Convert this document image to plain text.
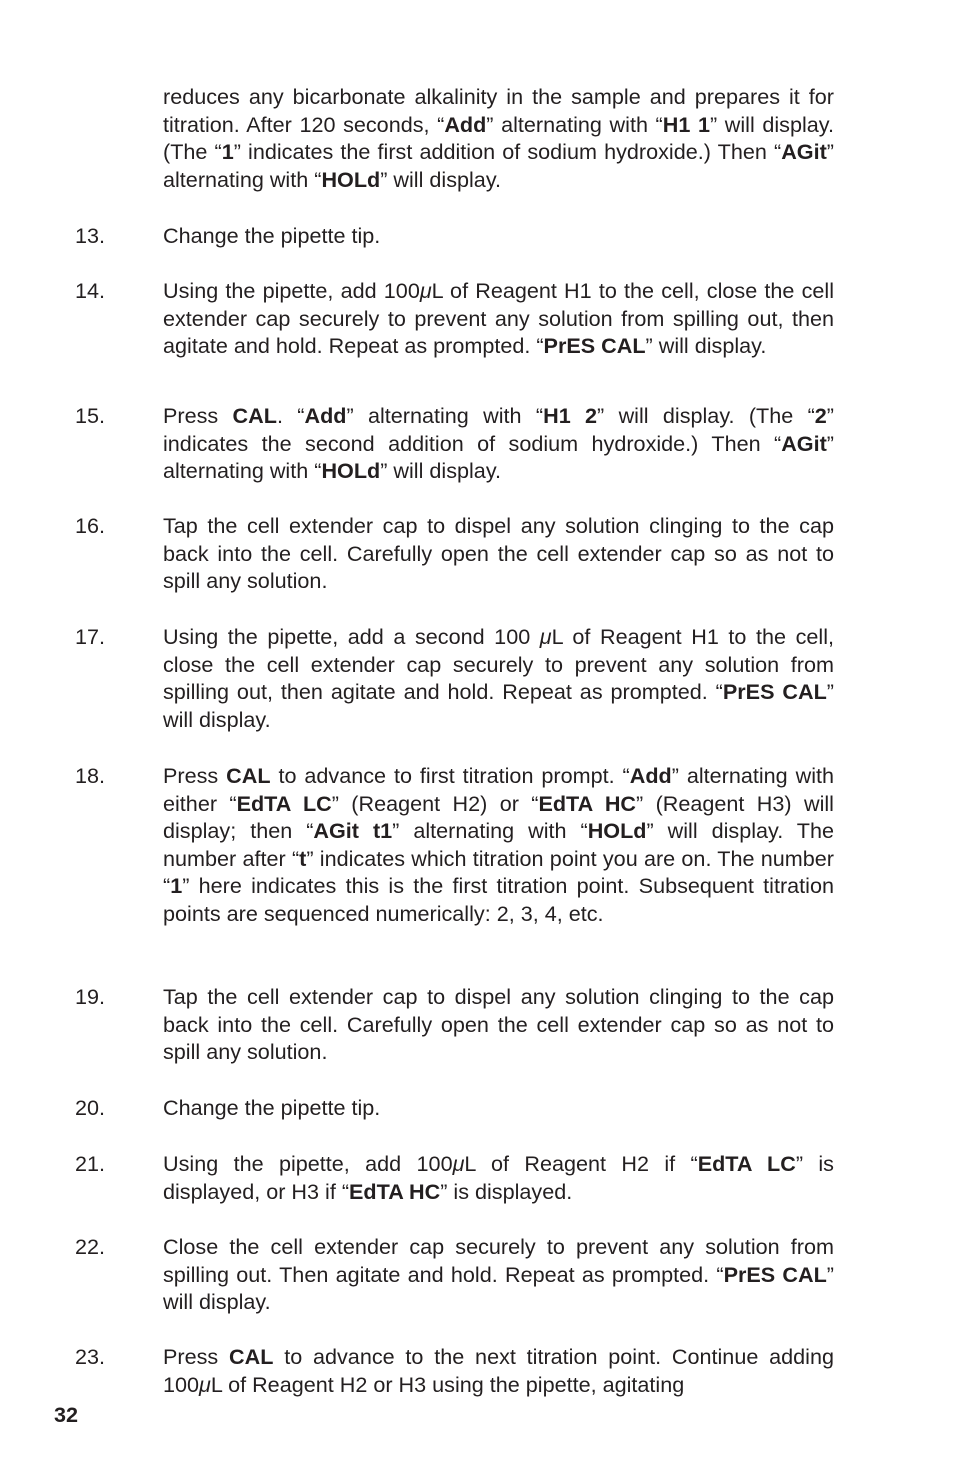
reduces any bicarbonate alkalinity in the sample and prepares it for titration. After 120 seconds, “Add” alternating with “H1 1” will display. (The “1” indicates the first addition of sodium hydroxide.) Then “AGit” alternating with “HOLd” will display.
13.	Change the pipette tip.
14.	Using the pipette, add 100μL of Reagent H1 to the cell, close the cell extender cap securely to prevent any solution from spilling out, then agitate and hold. Repeat as prompted. “PrES CAL” will display.
15.	Press CAL. “Add” alternating with “H1 2” will display. (The “2” indicates the second addition of sodium hydroxide.) Then “AGit” alternating with “HOLd” will display.
16.	Tap the cell extender cap to dispel any solution clinging to the cap back into the cell. Carefully open the cell extender cap so as not to spill any solution.
17.	Using the pipette, add a second 100 μL of Reagent H1 to the cell, close the cell extender cap securely to prevent any solution from spilling out, then agitate and hold. Repeat as prompted. “PrES CAL” will display.
18.	Press CAL to advance to first titration prompt. “Add” alternating with either “EdTA LC” (Reagent H2) or “EdTA HC” (Reagent H3) will display; then “AGit t1” alternating with “HOLd” will display. The number after “t” indicates which titration point you are on. The number “1” here indicates this is the first titration point. Subsequent titration points are sequenced numerically: 2, 3, 4, etc.
19.	Tap the cell extender cap to dispel any solution clinging to the cap back into the cell. Carefully open the cell extender cap so as not to spill any solution.
20.	Change the pipette tip.
21.	Using the pipette, add 100μL of Reagent H2 if “EdTA LC” is displayed, or H3 if “EdTA HC” is displayed.
22.	Close the cell extender cap securely to prevent any solution from spilling out. Then agitate and hold. Repeat as prompted. “PrES CAL” will display.
23.	Press CAL to advance to the next titration point. Continue adding 100μL of Reagent H2 or H3 using the pipette, agitating
32
